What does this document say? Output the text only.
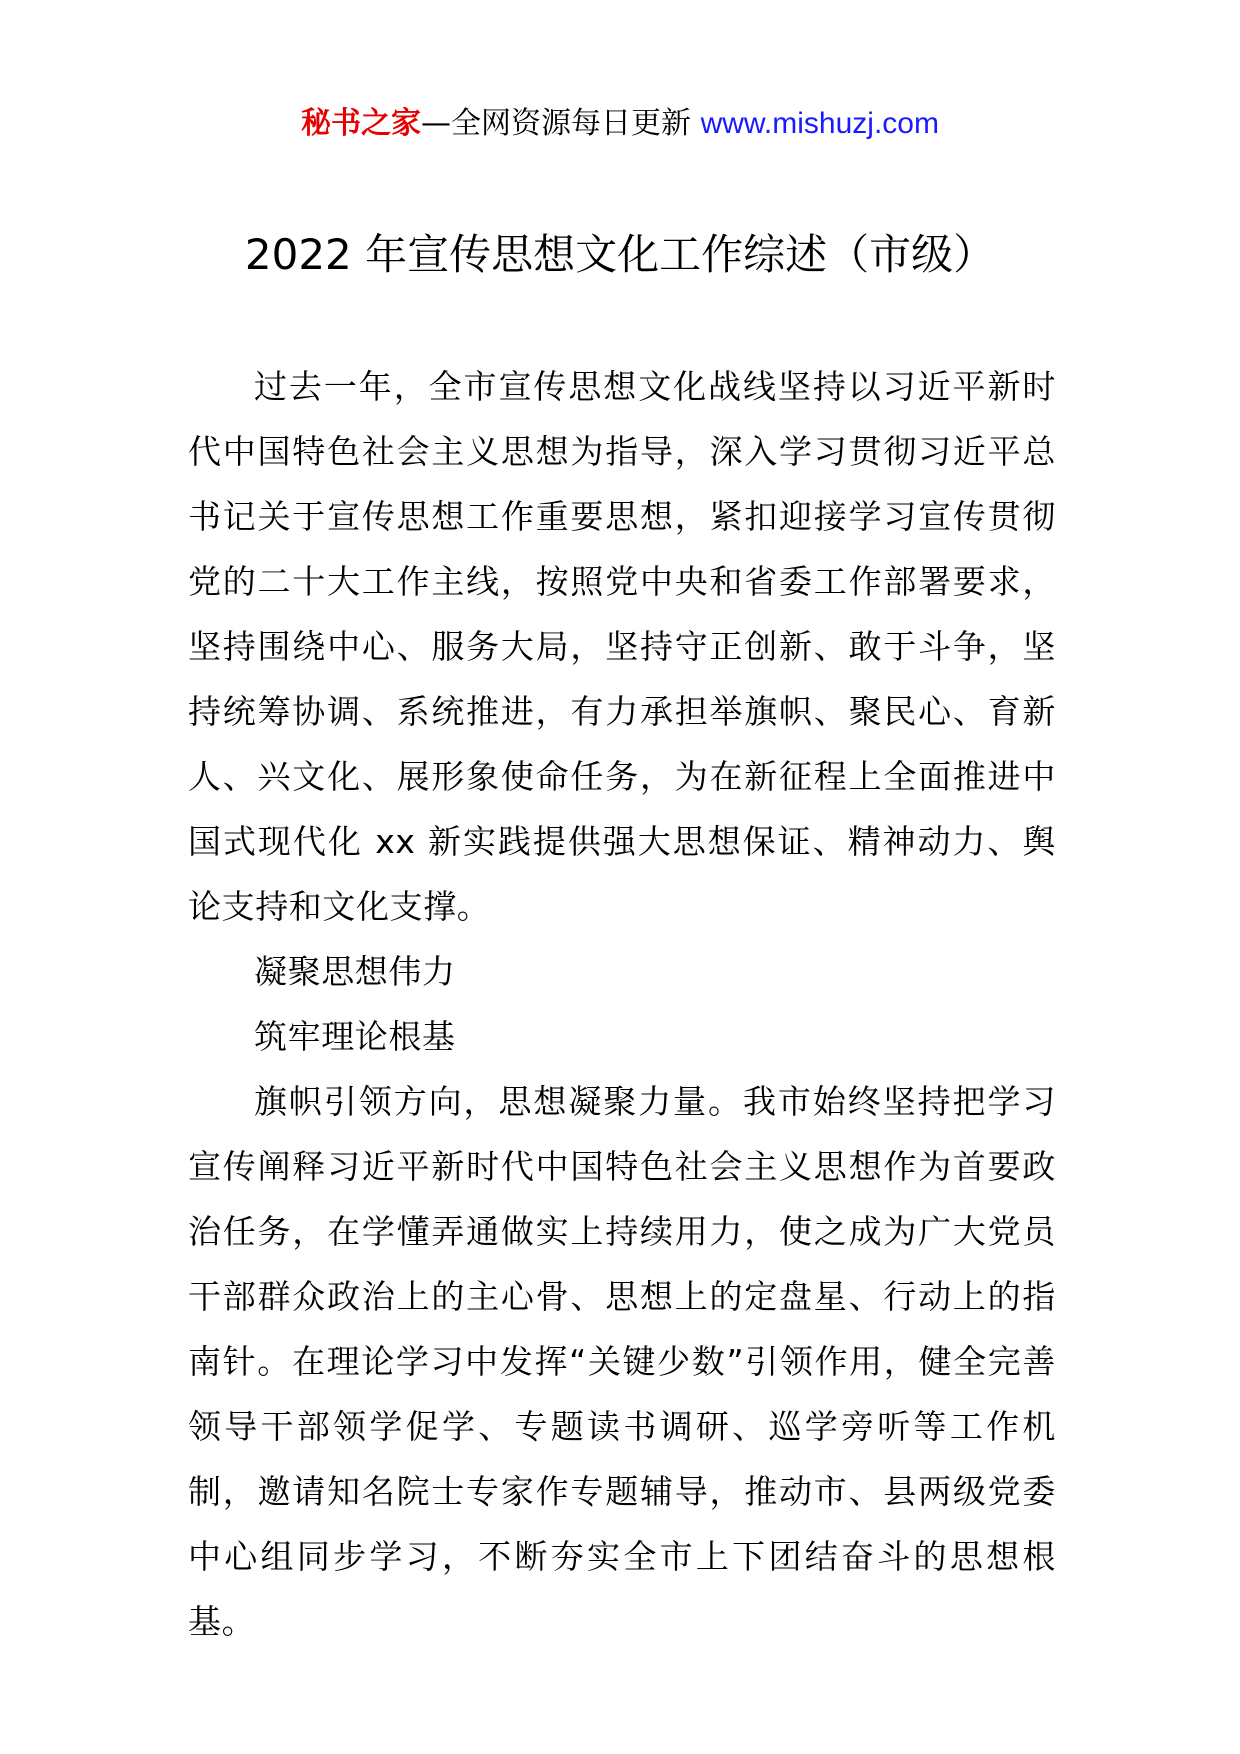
秘书之家—全网资源每日更新 www.mishuzj.com
2022 年宣传思想文化工作综述（市级）

过去一年，全市宣传思想文化战线坚持以习近平新时代中国特色社会主义思想为指导，深入学习贯彻习近平总书记关于宣传思想工作重要思想，紧扣迎接学习宣传贯彻党的二十大工作主线，按照党中央和省委工作部署要求，坚持围绕中心、服务大局，坚持守正创新、敢于斗争，坚持统筹协调、系统推进，有力承担举旗帜、聚民心、育新人、兴文化、展形象使命任务，为在新征程上全面推进中国式现代化 xx 新实践提供强大思想保证、精神动力、舆论支持和文化支撑。

凝聚思想伟力

筑牢理论根基

旗帜引领方向，思想凝聚力量。我市始终坚持把学习宣传阐释习近平新时代中国特色社会主义思想作为首要政治任务，在学懂弄通做实上持续用力，使之成为广大党员干部群众政治上的主心骨、思想上的定盘星、行动上的指南针。在理论学习中发挥“关键少数”引领作用，健全完善领导干部领学促学、专题读书调研、巡学旁听等工作机制，邀请知名院士专家作专题辅导，推动市、县两级党委中心组同步学习，不断夯实全市上下团结奋斗的思想根基。
